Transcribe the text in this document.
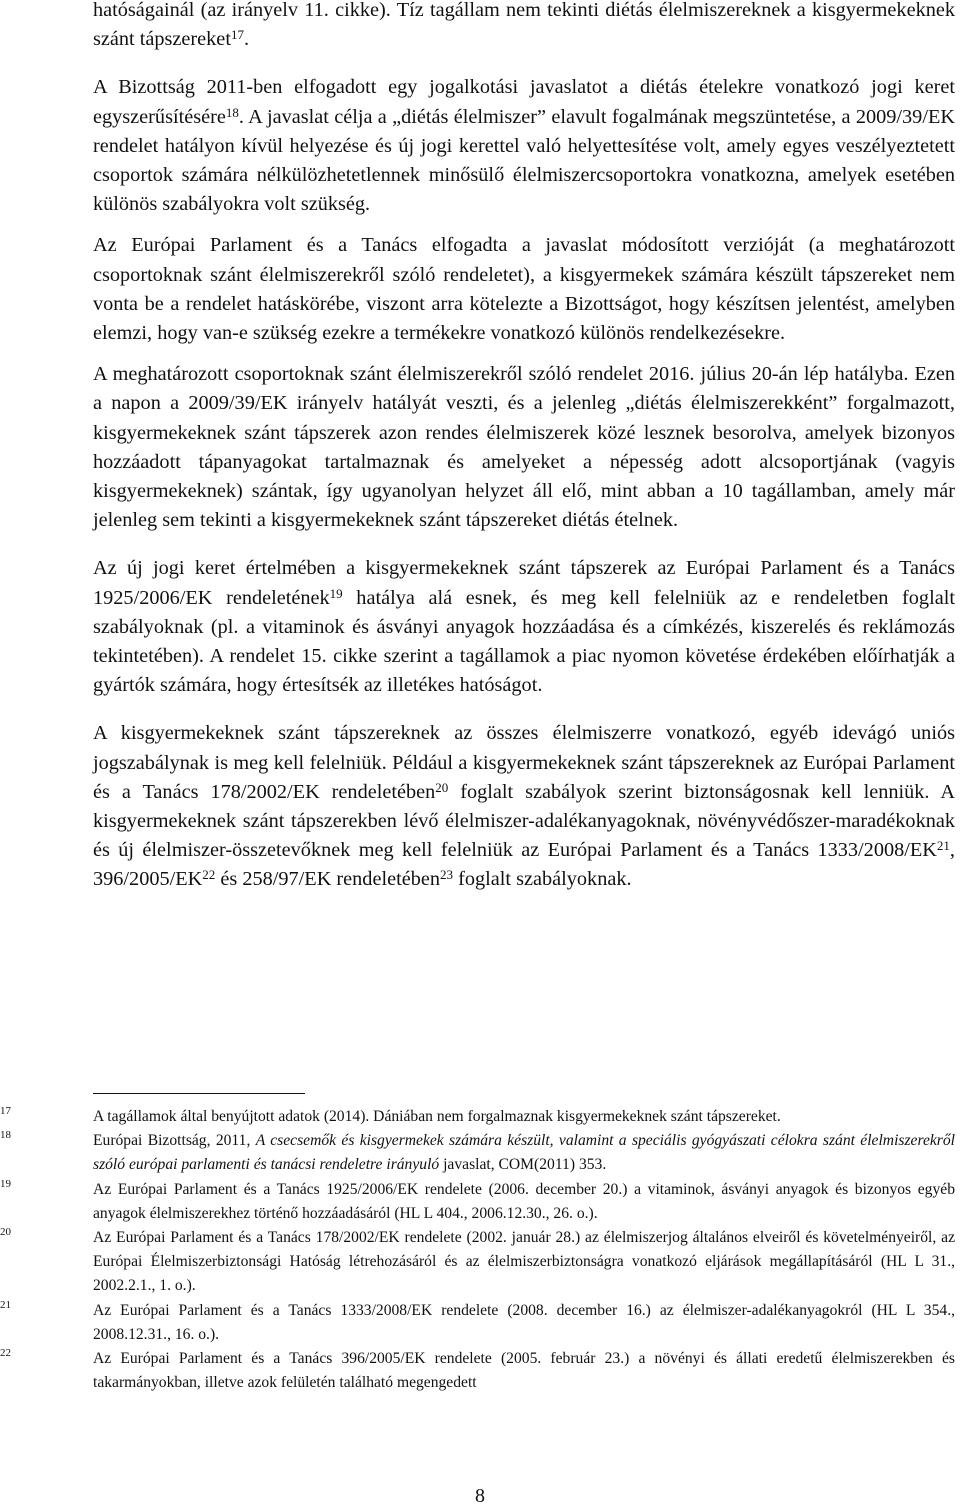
hatóságainál (az irányelv 11. cikke). Tíz tagállam nem tekinti diétás élelmiszereknek a kisgyermekeknek szánt tápszereket$^{17}$.

A Bizottság 2011-ben elfogadott egy jogalkotási javaslatot a diétás ételekre vonatkozó jogi keret egyszerűsítésére$^{18}$. A javaslat célja a „diétás élelmiszer” elavult fogalmának megszüntetése, a 2009/39/EK rendelet hatályon kívül helyezése és új jogi kerettel való helyettesítése volt, amely egyes veszélyeztetett csoportok számára nélkülözhetetlennek minősülő élelmiszercsoportokra vonatkozna, amelyek esetében különös szabályokra volt szükség.

Az Európai Parlament és a Tanács elfogadta a javaslat módosított verzióját (a meghatározott csoportoknak szánt élelmiszerekről szóló rendeletet), a kisgyermekek számára készült tápszereket nem vonta be a rendelet hatáskörébe, viszont arra kötelezte a Bizottságot, hogy készítsen jelentést, amelyben elemzi, hogy van-e szükség ezekre a termékekre vonatkozó különös rendelkezésekre.

A meghatározott csoportoknak szánt élelmiszerekről szóló rendelet 2016. július 20-án lép hatályba. Ezen a napon a 2009/39/EK irányelv hatályát veszti, és a jelenleg „diétás élelmiszerekként” forgalmazott, kisgyermekeknek szánt tápszerek azon rendes élelmiszerek közé lesznek besorolva, amelyek bizonyos hozzáadott tápanyagokat tartalmaznak és amelyeket a népesség adott alcsoportjának (vagyis kisgyermekeknek) szántak, így ugyanolyan helyzet áll elő, mint abban a 10 tagállamban, amely már jelenleg sem tekinti a kisgyermekeknek szánt tápszereket diétás ételnek.

Az új jogi keret értelmében a kisgyermekeknek szánt tápszerek az Európai Parlament és a Tanács 1925/2006/EK rendeletének$^{19}$ hatálya alá esnek, és meg kell felelniük az e rendeletben foglalt szabályoknak (pl. a vitaminok és ásványi anyagok hozzáadása és a címkézés, kiszerelés és reklámozás tekintetében). A rendelet 15. cikke szerint a tagállamok a piac nyomon követése érdekében előírhatják a gyártók számára, hogy értesítsék az illetékes hatóságot.

A kisgyermekeknek szánt tápszereknek az összes élelmiszerre vonatkozó, egyéb idevágó uniós jogszabálynak is meg kell felelniük. Például a kisgyermekeknek szánt tápszereknek az Európai Parlament és a Tanács 178/2002/EK rendeletében$^{20}$ foglalt szabályok szerint biztonságosnak kell lenniük. A kisgyermekeknek szánt tápszerekben lévő élelmiszer-adalékanyagoknak, növényvédőszer-maradékoknak és új élelmiszer-összetevőknek meg kell felelniük az Európai Parlament és a Tanács 1333/2008/EK$^{21}$, 396/2005/EK$^{22}$ és 258/97/EK rendeletében$^{23}$ foglalt szabályoknak.

17	A tagállamok által benyújtott adatok (2014). Dániában nem forgalmaznak kisgyermekeknek szánt tápszereket.
18	Európai Bizottság, 2011, A csecsemők és kisgyermekek számára készült, valamint a speciális gyógyászati célokra szánt élelmiszerekről szóló európai parlamenti és tanácsi rendeletre irányuló javaslat, COM(2011) 353.
19	Az Európai Parlament és a Tanács 1925/2006/EK rendelete (2006. december 20.) a vitaminok, ásványi anyagok és bizonyos egyéb anyagok élelmiszerekhez történő hozzáadásáról (HL L 404., 2006.12.30., 26. o.).
20	Az Európai Parlament és a Tanács 178/2002/EK rendelete (2002. január 28.) az élelmiszerjog általános elveiről és követelményeiről, az Európai Élelmiszerbiztonsági Hatóság létrehozásáról és az élelmiszerbiztonságra vonatkozó eljárások megállapításáról (HL L 31., 2002.2.1., 1. o.).
21	Az Európai Parlament és a Tanács 1333/2008/EK rendelete (2008. december 16.) az élelmiszer-adalékanyagokról (HL L 354., 2008.12.31., 16. o.).
22	Az Európai Parlament és a Tanács 396/2005/EK rendelete (2005. február 23.) a növényi és állati eredetű élelmiszerekben és takarmányokban, illetve azok felületén található megengedett
8
